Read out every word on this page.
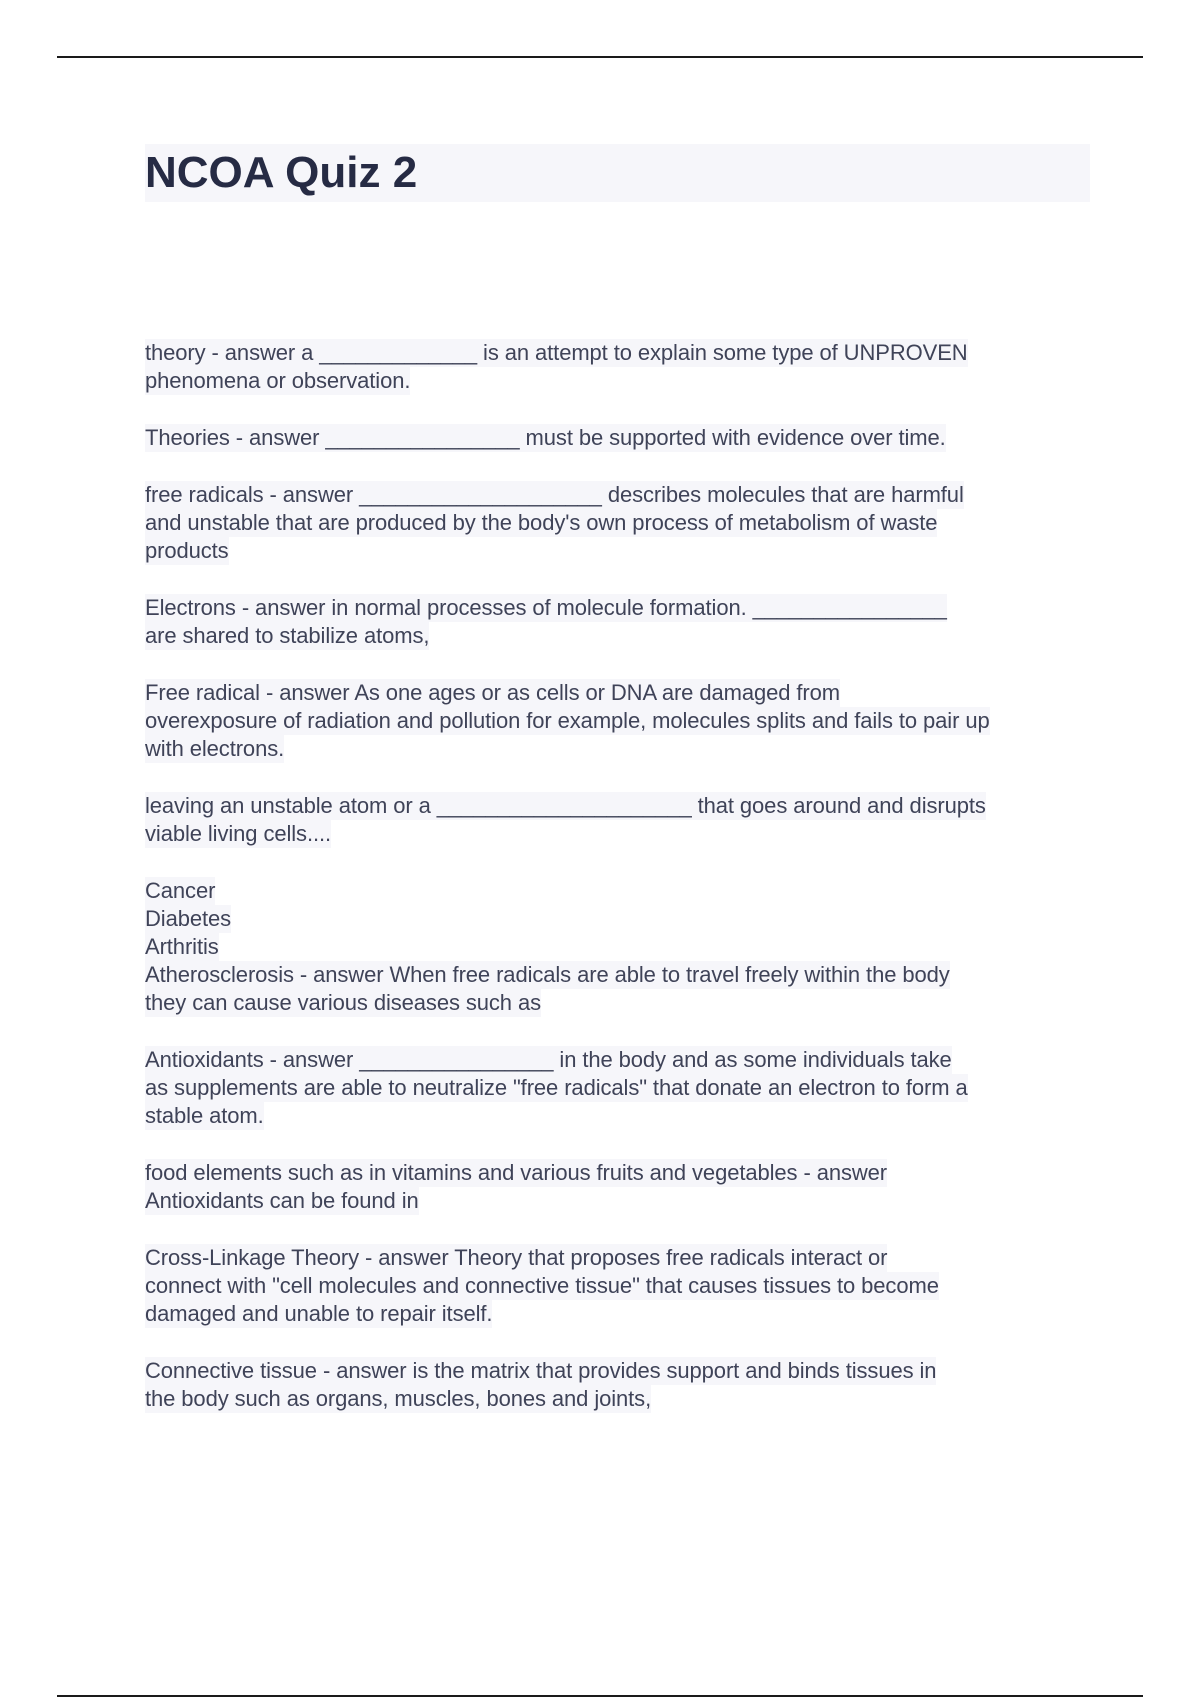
NCOA Quiz 2
theory - answer a _____________ is an attempt to explain some type of UNPROVEN
phenomena or observation.
Theories - answer ________________ must be supported with evidence over time.
free radicals - answer ____________________ describes molecules that are harmful
and unstable that are produced by the body's own process of metabolism of waste
products
Electrons - answer in normal processes of molecule formation. ________________
are shared to stabilize atoms,
Free radical - answer As one ages or as cells or DNA are damaged from
overexposure of radiation and pollution for example, molecules splits and fails to pair up
with electrons.
leaving an unstable atom or a _____________________ that goes around and disrupts
viable living cells....
Cancer
Diabetes
Arthritis
Atherosclerosis - answer When free radicals are able to travel freely within the body
they can cause various diseases such as
Antioxidants - answer ________________ in the body and as some individuals take
as supplements are able to neutralize "free radicals" that donate an electron to form a
stable atom.
food elements such as in vitamins and various fruits and vegetables - answer
Antioxidants can be found in
Cross-Linkage Theory - answer Theory that proposes free radicals interact or
connect with "cell molecules and connective tissue" that causes tissues to become
damaged and unable to repair itself.
Connective tissue - answer is the matrix that provides support and binds tissues in
the body such as organs, muscles, bones and joints,
